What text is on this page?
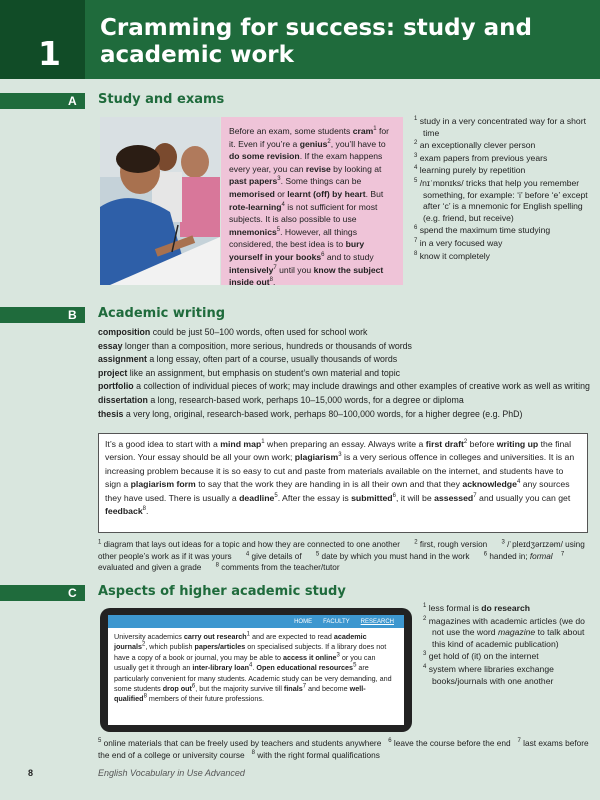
1
Cramming for success: study and academic work
A Study and exams
Before an exam, some students cram$^1$ for it. Even if you’re a genius$^2$, you’ll have to do some revision. If the exam happens every year, you can revise by looking at past papers$^3$. Some things can be memorised or learnt (off) by heart. But rote-learning$^4$ is not sufficient for most subjects. It is also possible to use mnemonics$^5$. However, all things considered, the best idea is to bury yourself in your books$^6$ and to study intensively$^7$ until you know the subject inside out$^8$.
$^1$ study in a very concentrated way for a short time
$^2$ an exceptionally clever person
$^3$ exam papers from previous years
$^4$ learning purely by repetition
$^5$ /nɪˈmɒnɪks/ tricks that help you remember something, for example: ‘i’ before ‘e’ except after ‘c’ is a mnemonic for English spelling (e.g. friend, but receive)
$^6$ spend the maximum time studying
$^7$ in a very focused way
$^8$ know it completely
B Academic writing
composition could be just 50–100 words, often used for school work
essay longer than a composition, more serious, hundreds or thousands of words
assignment a long essay, often part of a course, usually thousands of words
project like an assignment, but emphasis on student’s own material and topic
portfolio a collection of individual pieces of work; may include drawings and other examples of creative work as well as writing
dissertation a long, research-based work, perhaps 10–15,000 words, for a degree or diploma
thesis a very long, original, research-based work, perhaps 80–100,000 words, for a higher degree (e.g. PhD)
It’s a good idea to start with a mind map$^1$ when preparing an essay. Always write a first draft$^2$ before writing up the final version. Your essay should be all your own work; plagiarism$^3$ is a very serious offence in colleges and universities. It is an increasing problem because it is so easy to cut and paste from materials available on the internet, and students have to sign a plagiarism form to say that the work they are handing in is all their own and that they acknowledge$^4$ any sources they have used. There is usually a deadline$^5$. After the essay is submitted$^6$, it will be assessed$^7$ and usually you can get feedback$^8$.
$^1$ diagram that lays out ideas for a topic and how they are connected to one another $^2$ first, rough version $^3$ /ˈpleɪdʒərɪzəm/ using other people’s work as if it was yours $^4$ give details of $^5$ date by which you must hand in the work $^6$ handed in; formal $^7$ evaluated and given a grade $^8$ comments from the teacher/tutor
C Aspects of higher academic study
HOME FACULTY RESEARCH
University academics carry out research$^1$ and are expected to read academic journals$^2$, which publish papers/articles on specialised subjects. If a library does not have a copy of a book or journal, you may be able to access it online$^3$ or you can usually get it through an inter-library loan$^4$. Open educational resources$^5$ are particularly convenient for many students. Academic study can be very demanding, and some students drop out$^6$, but the majority survive till finals$^7$ and become well-qualified$^8$ members of their future professions.
$^1$ less formal is do research
$^2$ magazines with academic articles (we do not use the word magazine to talk about this kind of academic publication)
$^3$ get hold of (it) on the internet
$^4$ system where libraries exchange books/journals with one another
$^5$ online materials that can be freely used by teachers and students anywhere $^6$ leave the course before the end $^7$ last exams before the end of a college or university course $^8$ with the right formal qualifications
8	English Vocabulary in Use Advanced
